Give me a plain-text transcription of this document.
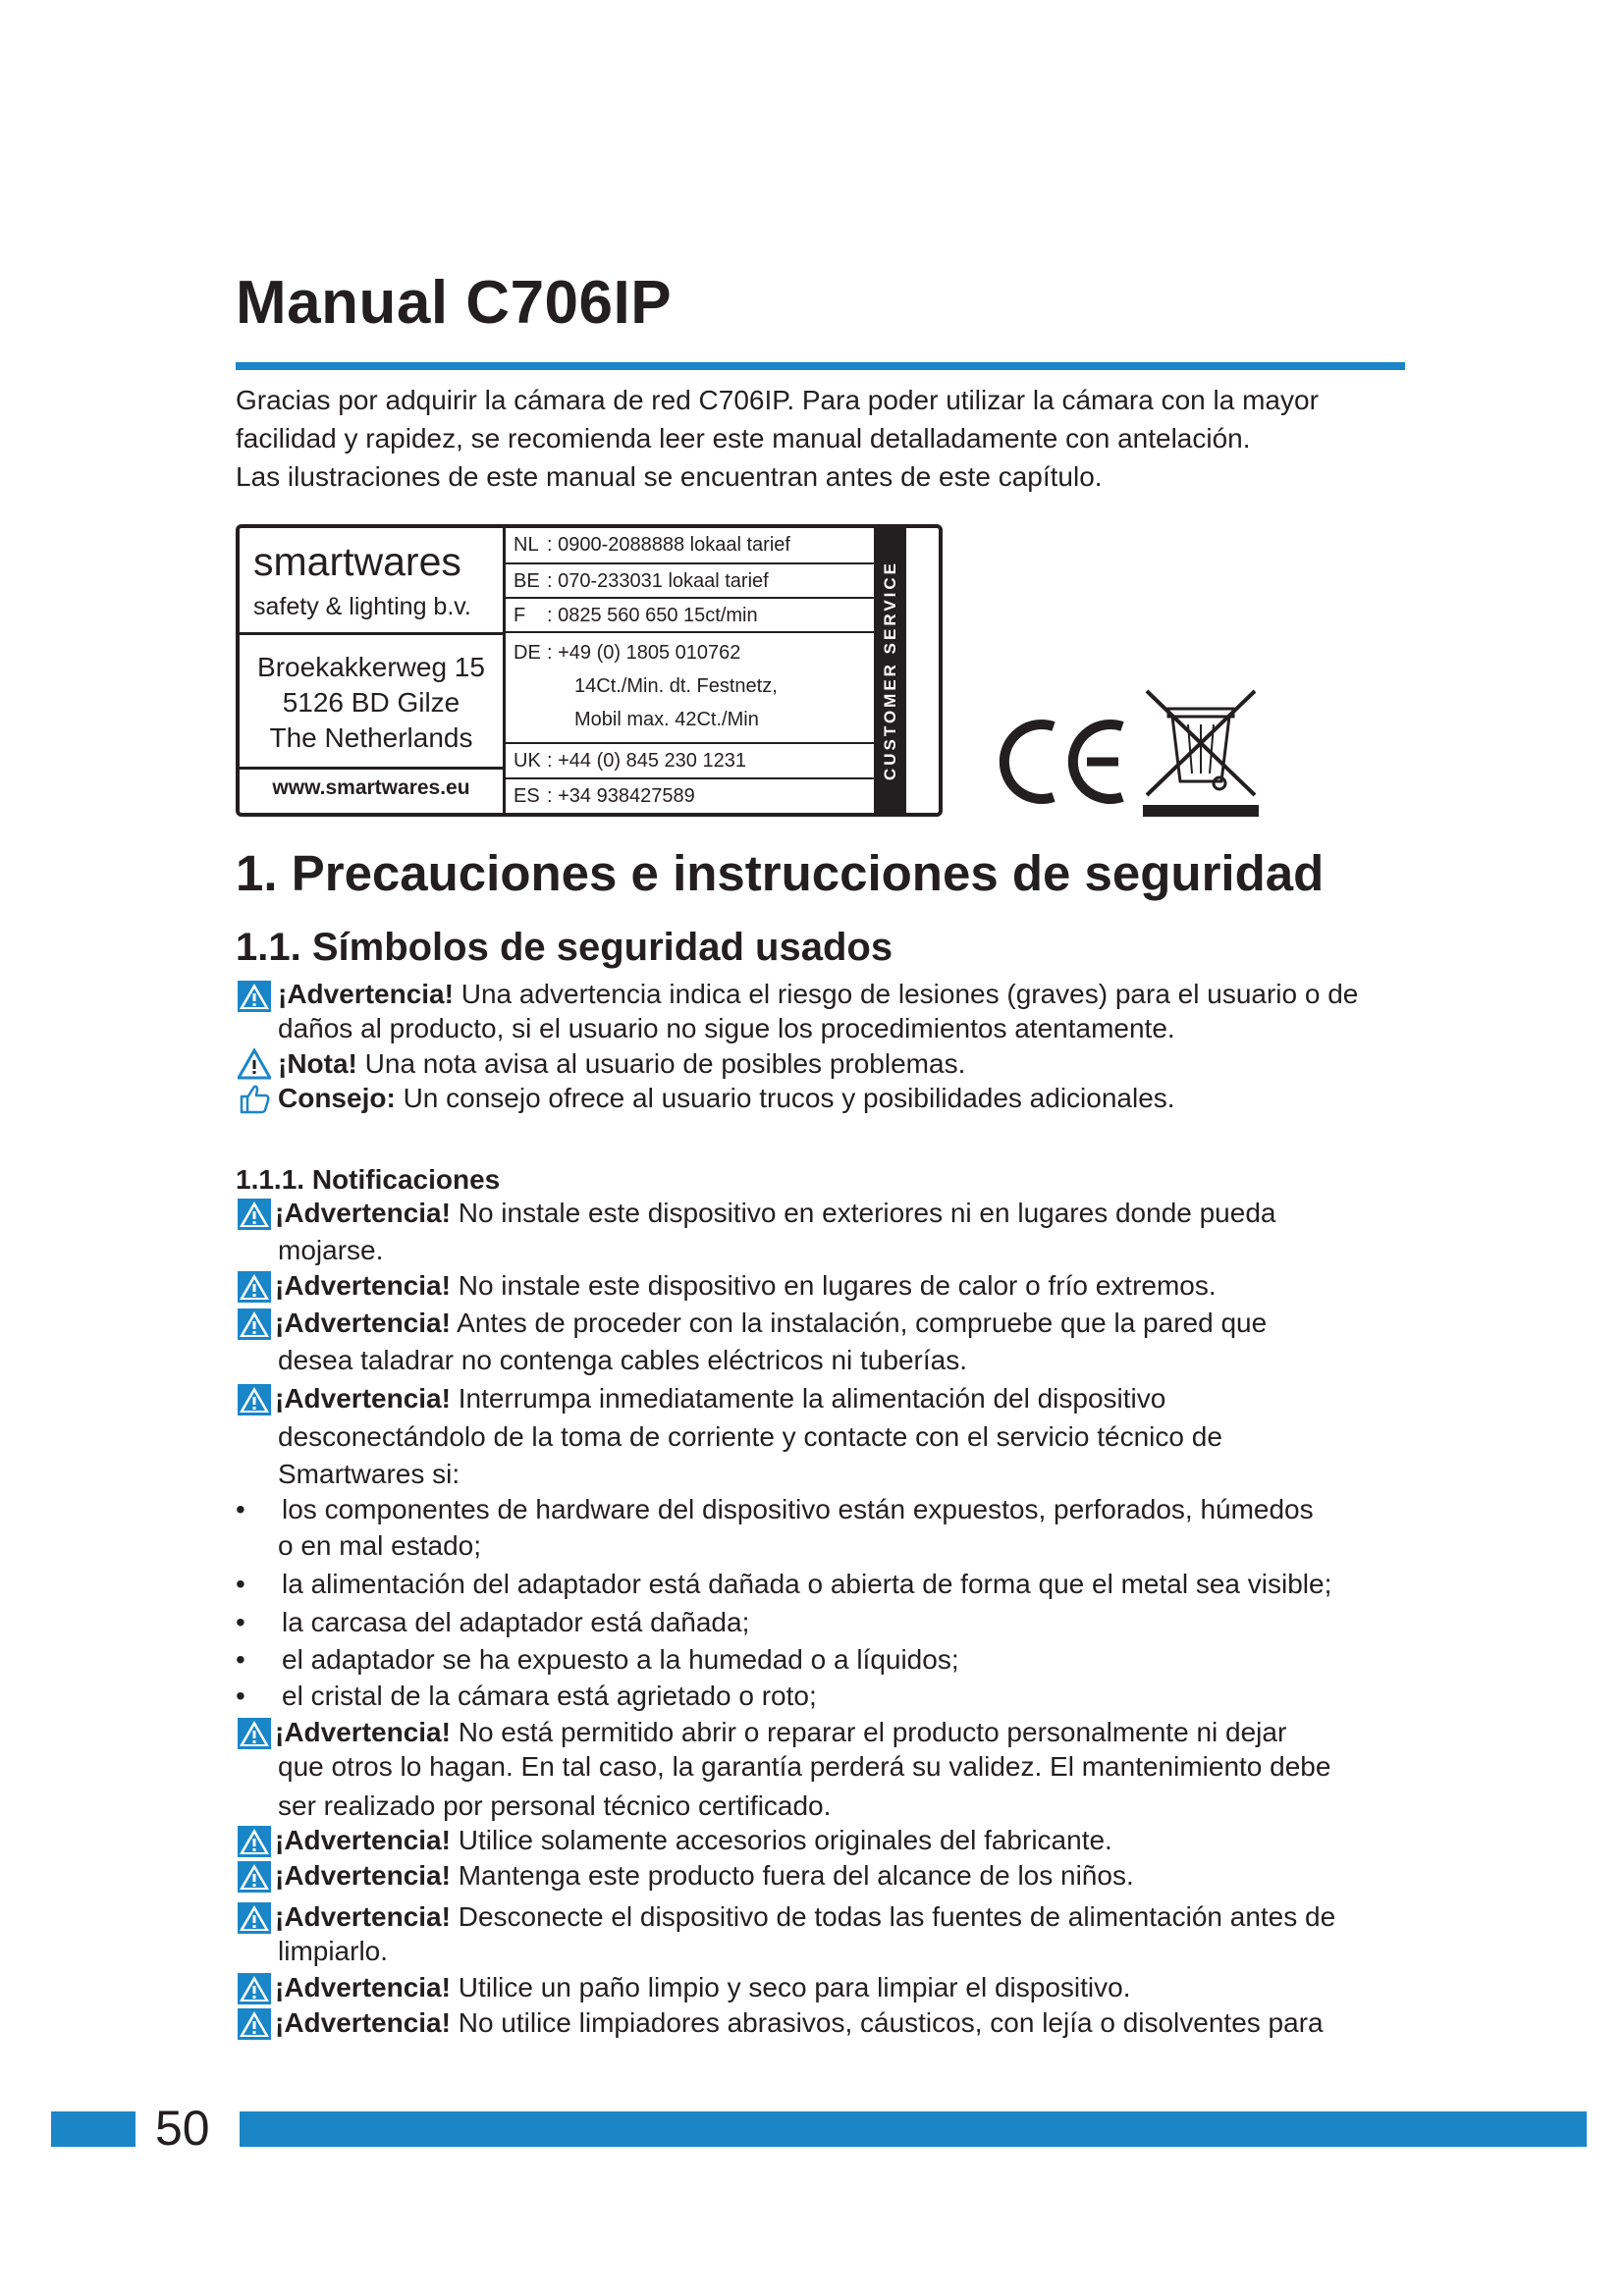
Manual C706IP

Gracias por adquirir la cámara de red C706IP. Para poder utilizar la cámara con la mayor

facilidad y rapidez, se recomienda leer este manual detalladamente con antelación.

Las ilustraciones de este manual se encuentran antes de este capítulo.

smartwares
safety & lighting b.v.
Broekakkerweg 15
5126 BD Gilze
The Netherlands
www.smartwares.eu
NL : 0900-2088888 lokaal tarief
BE : 070-233031 lokaal tarief
F : 0825 560 650 15ct/min
DE : +49 (0) 1805 010762
14Ct./Min. dt. Festnetz,
Mobil max. 42Ct./Min
UK : +44 (0) 845 230 1231
ES : +34 938427589
CUSTOMER SERVICE
1. Precauciones e instrucciones de seguridad
1.1. Símbolos de seguridad usados
¡Advertencia! Una advertencia indica el riesgo de lesiones (graves) para el usuario o de
daños al producto, si el usuario no sigue los procedimientos atentamente.
¡Nota! Una nota avisa al usuario de posibles problemas.
Consejo: Un consejo ofrece al usuario trucos y posibilidades adicionales.
1.1.1. Notificaciones
¡Advertencia! No instale este dispositivo en exteriores ni en lugares donde pueda
mojarse.
¡Advertencia! No instale este dispositivo en lugares de calor o frío extremos.
¡Advertencia! Antes de proceder con la instalación, compruebe que la pared que
desea taladrar no contenga cables eléctricos ni tuberías.
¡Advertencia! Interrumpa inmediatamente la alimentación del dispositivo
desconectándolo de la toma de corriente y contacte con el servicio técnico de
Smartwares si:
• los componentes de hardware del dispositivo están expuestos, perforados, húmedos
o en mal estado;
• la alimentación del adaptador está dañada o abierta de forma que el metal sea visible;
• la carcasa del adaptador está dañada;
• el adaptador se ha expuesto a la humedad o a líquidos;
• el cristal de la cámara está agrietado o roto;
¡Advertencia! No está permitido abrir o reparar el producto personalmente ni dejar
que otros lo hagan. En tal caso, la garantía perderá su validez. El mantenimiento debe
ser realizado por personal técnico certificado.
¡Advertencia! Utilice solamente accesorios originales del fabricante.
¡Advertencia! Mantenga este producto fuera del alcance de los niños.
¡Advertencia! Desconecte el dispositivo de todas las fuentes de alimentación antes de
limpiarlo.
¡Advertencia! Utilice un paño limpio y seco para limpiar el dispositivo.
¡Advertencia! No utilice limpiadores abrasivos, cáusticos, con lejía o disolventes para
50
